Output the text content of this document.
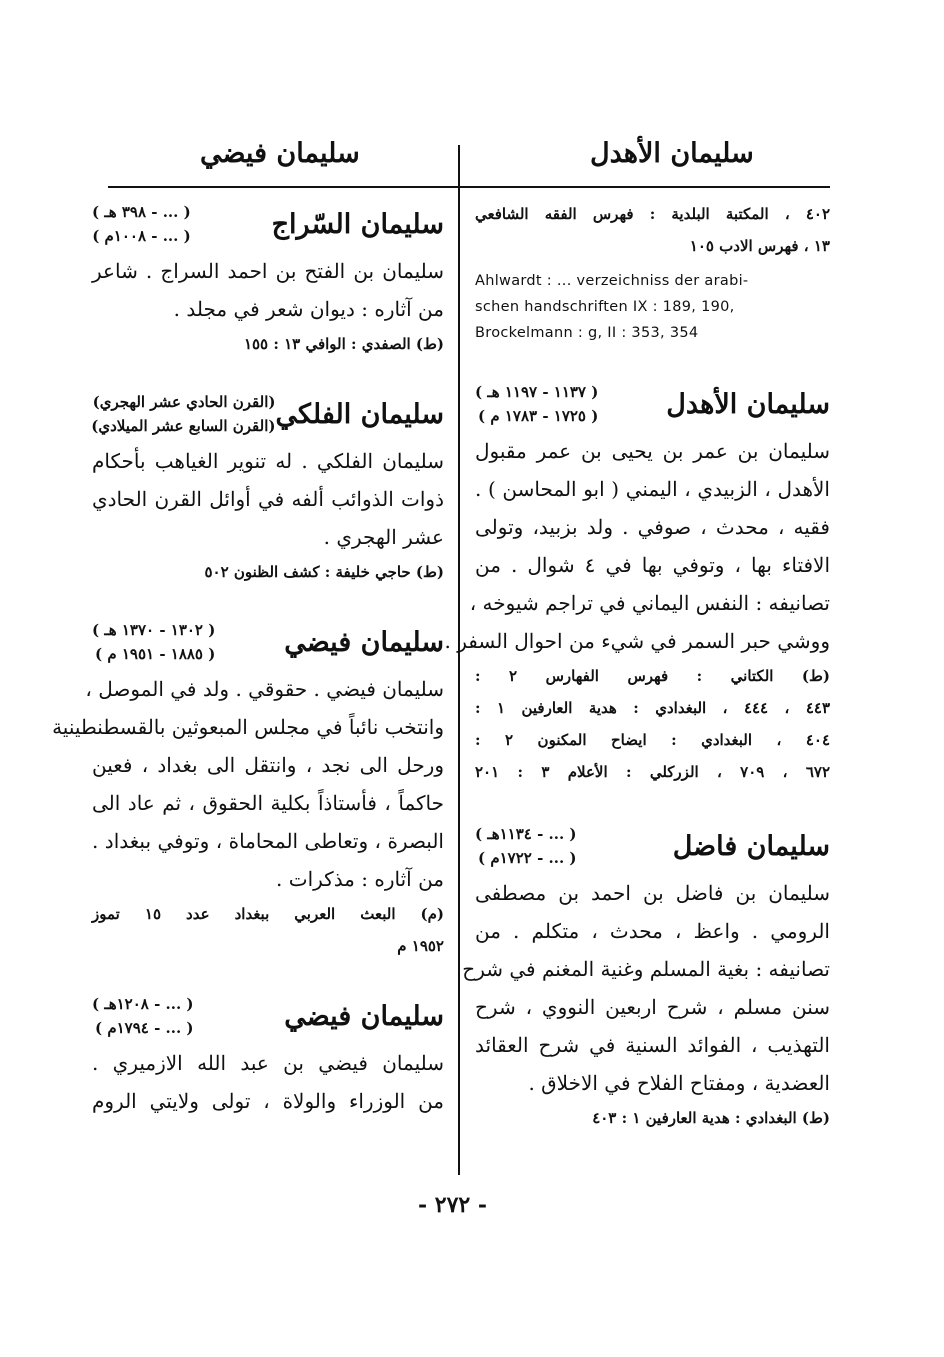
سليمان الأهدل
سليمان فيضي
٤٠٢ ، المكتبة البلدية : فهرس الفقه الشافعي
١٣ ، فهرس الادب ١٠٥
Ahlwardt : ... verzeichniss der arabi-
schen handschriften IX : 189, 190,
Brockelmann : g, II : 353, 354
سليمان الأهدل
( ١١٣٧ - ١١٩٧ هـ )
( ١٧٢٥ - ١٧٨٣ م )
سليمان بن عمر بن يحيى بن عمر مقبول
الأهدل ، الزبيدي ، اليمني ( ابو المحاسن ) .
فقيه ، محدث ، صوفي . ولد بزبيد، وتولى
الافتاء بها ، وتوفي بها في ٤ شوال . من
تصانيفه : النفس اليماني في تراجم شيوخه ،
ووشي حبر السمر في شيء من احوال السفر .
(ط) الكتاني : فهرس الفهارس ٢ :
٤٤٣ ، ٤٤٤ ، البغدادي : هدية العارفين ١ :
٤٠٤ ، البغدادي : ايضاح المكنون ٢ :
٦٧٢ ، ٧٠٩ ، الزركلي : الأعلام ٣ : ٢٠١
سليمان فاضل
( ... - ١١٣٤هـ )
( ... - ١٧٢٢م )
سليمان بن فاضل بن احمد بن مصطفى
الرومي . واعظ ، محدث ، متكلم . من
تصانيفه : بغية المسلم وغنية المغنم في شرح
سنن مسلم ، شرح اربعين النووي ، شرح
التهذيب ، الفوائد السنية في شرح العقائد
العضدية ، ومفتاح الفلاح في الاخلاق .
(ط) البغدادي : هدية العارفين ١ : ٤٠٣
سليمان السّراج
( ... - ٣٩٨ هـ )
( ... - ١٠٠٨م )
سليمان بن الفتح بن احمد السراج . شاعر
من آثاره : ديوان شعر في مجلد .
(ط) الصفدي : الوافي ١٣ : ١٥٥
سليمان الفلكي
(القرن الحادي عشر الهجري)
(القرن السابع عشر الميلادي)
سليمان الفلكي . له تنوير الغياهب بأحكام
ذوات الذوائب ألفه في أوائل القرن الحادي
عشر الهجري .
(ط) حاجي خليفة : كشف الظنون ٥٠٢
سليمان فيضي
( ١٣٠٢ - ١٣٧٠ هـ )
( ١٨٨٥ - ١٩٥١ م )
سليمان فيضي . حقوقي . ولد في الموصل ،
وانتخب نائباً في مجلس المبعوثين بالقسطنطينية
ورحل الى نجد ، وانتقل الى بغداد ، فعين
حاكماً ، فأستاذاً بكلية الحقوق ، ثم عاد الى
البصرة ، وتعاطى المحاماة ، وتوفي ببغداد .
من آثاره : مذكرات .
(م) البعث العربي ببغداد عدد ١٥ تموز
١٩٥٢ م
سليمان فيضي
( ... - ١٢٠٨هـ )
( ... - ١٧٩٤م )
سليمان فيضي بن عبد الله الازميري .
من الوزراء والولاة ، تولى ولايتي الروم
- ٢٧٢ -
